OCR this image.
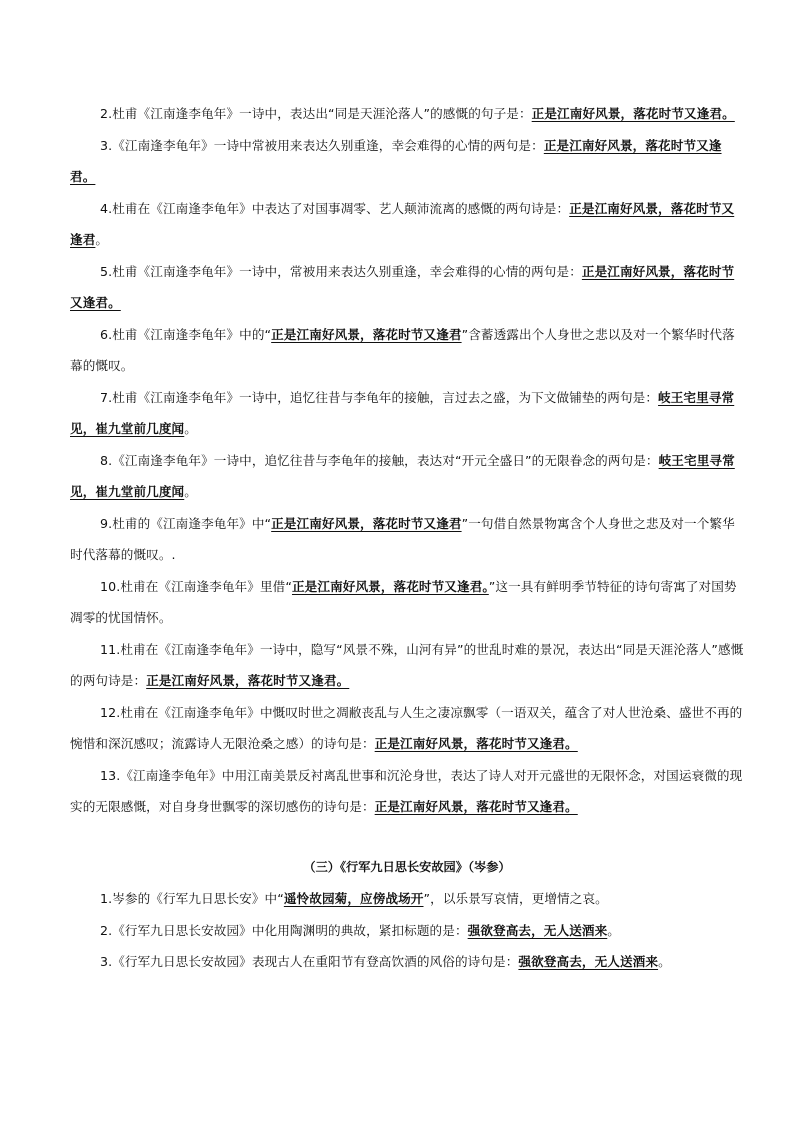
2.杜甫《江南逢李龟年》一诗中，表达出“同是天涯沦落人”的感慨的句子是：正是江南好风景，落花时节又逢君。

3.《江南逢李龟年》一诗中常被用来表达久别重逢，幸会难得的心情的两句是：正是江南好风景，落花时节又逢君。

4.杜甫在《江南逢李龟年》中表达了对国事凋零、艺人颠沛流离的感慨的两句诗是：正是江南好风景，落花时节又逢君。

5.杜甫《江南逢李龟年》一诗中，常被用来表达久别重逢，幸会难得的心情的两句是：正是江南好风景，落花时节又逢君。

6.杜甫《江南逢李龟年》中的“正是江南好风景，落花时节又逢君”含蓄透露出个人身世之悲以及对一个繁华时代落幕的慨叹。

7.杜甫《江南逢李龟年》一诗中，追忆往昔与李龟年的接触，言过去之盛，为下文做铺垫的两句是：岐王宅里寻常见，崔九堂前几度闻。

8.《江南逢李龟年》一诗中，追忆往昔与李龟年的接触，表达对“开元全盛日”的无限眷念的两句是：岐王宅里寻常见，崔九堂前几度闻。

9.杜甫的《江南逢李龟年》中“正是江南好风景，落花时节又逢君”一句借自然景物寓含个人身世之悲及对一个繁华时代落幕的慨叹。.

10.杜甫在《江南逢李龟年》里借“正是江南好风景，落花时节又逢君。”这一具有鲜明季节特征的诗句寄寓了对国势凋零的忧国情怀。

11.杜甫在《江南逢李龟年》一诗中，隐写“风景不殊，山河有异”的世乱时难的景况，表达出“同是天涯沦落人”感慨的两句诗是：正是江南好风景，落花时节又逢君。

12.杜甫在《江南逢李龟年》中慨叹时世之凋敝丧乱与人生之凄凉飘零（一语双关，蕴含了对人世沧桑、盛世不再的惋惜和深沉感叹；流露诗人无限沧桑之感）的诗句是：正是江南好风景，落花时节又逢君。

13.《江南逢李龟年》中用江南美景反衬离乱世事和沉沦身世，表达了诗人对开元盛世的无限怀念，对国运衰微的现实的无限感慨，对自身身世飘零的深切感伤的诗句是：正是江南好风景，落花时节又逢君。

（三）《行军九日思长安故园》（岑参）

1.岑参的《行军九日思长安》中“遥怜故园菊，应傍战场开”，以乐景写哀情，更增情之哀。

2.《行军九日思长安故园》中化用陶渊明的典故，紧扣标题的是：强欲登高去，无人送酒来。

3.《行军九日思长安故园》表现古人在重阳节有登高饮酒的风俗的诗句是：强欲登高去，无人送酒来。
